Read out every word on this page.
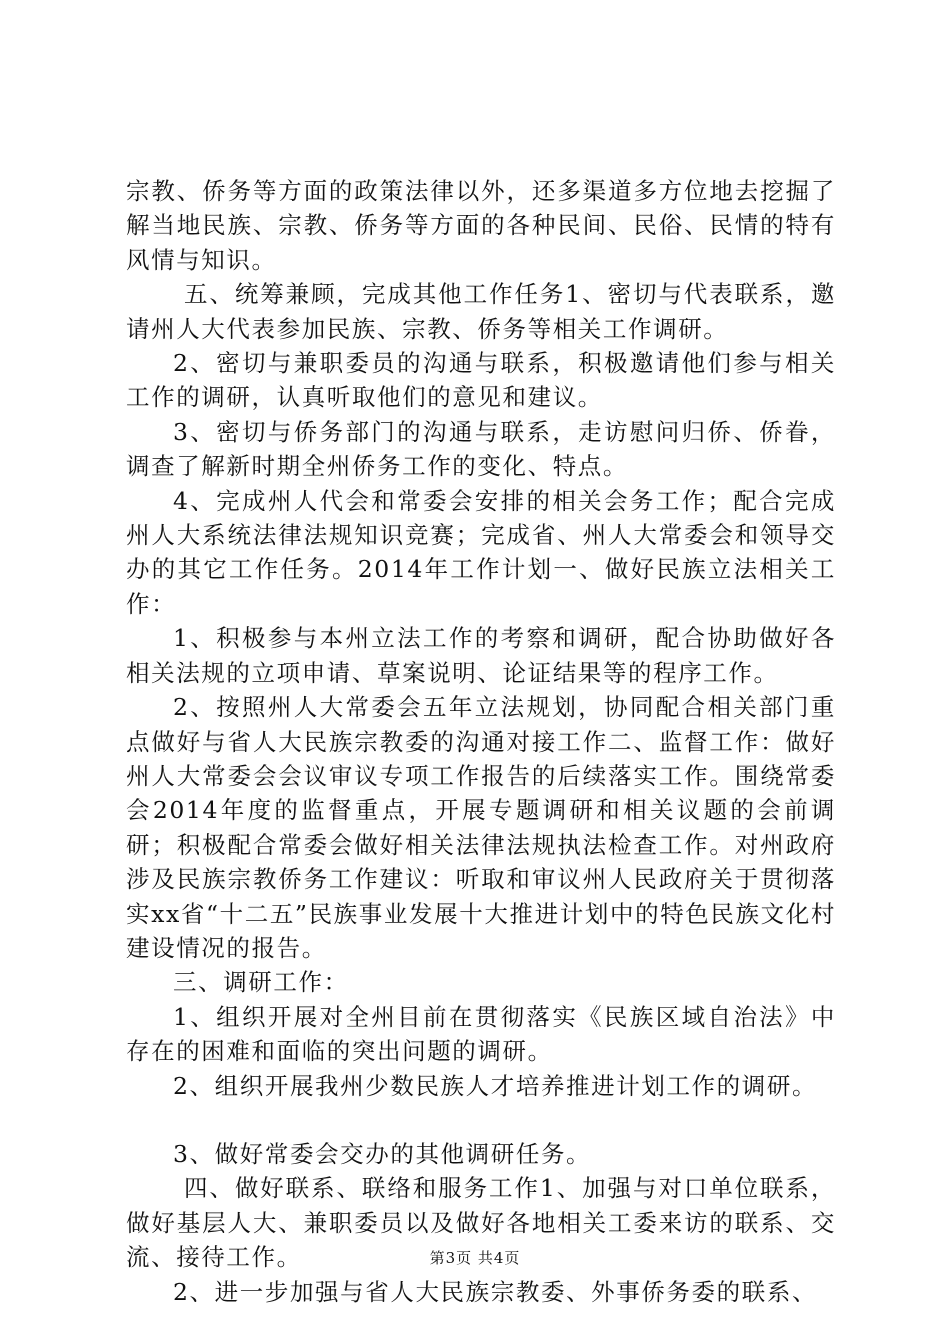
宗教、侨务等方面的政策法律以外，还多渠道多方位地去挖掘了解当地民族、宗教、侨务等方面的各种民间、民俗、民情的特有风情与知识。

五、统筹兼顾，完成其他工作任务1、密切与代表联系，邀请州人大代表参加民族、宗教、侨务等相关工作调研。

2、密切与兼职委员的沟通与联系，积极邀请他们参与相关工作的调研，认真听取他们的意见和建议。

3、密切与侨务部门的沟通与联系，走访慰问归侨、侨眷，调查了解新时期全州侨务工作的变化、特点。

4、完成州人代会和常委会安排的相关会务工作；配合完成州人大系统法律法规知识竞赛；完成省、州人大常委会和领导交办的其它工作任务。2014年工作计划一、做好民族立法相关工作：

1、积极参与本州立法工作的考察和调研，配合协助做好各相关法规的立项申请、草案说明、论证结果等的程序工作。

2、按照州人大常委会五年立法规划，协同配合相关部门重点做好与省人大民族宗教委的沟通对接工作二、监督工作：做好州人大常委会会议审议专项工作报告的后续落实工作。围绕常委会2014年度的监督重点，开展专题调研和相关议题的会前调研；积极配合常委会做好相关法律法规执法检查工作。对州政府涉及民族宗教侨务工作建议：听取和审议州人民政府关于贯彻落实xx省“十二五”民族事业发展十大推进计划中的特色民族文化村建设情况的报告。

三、调研工作：

1、组织开展对全州目前在贯彻落实《民族区域自治法》中存在的困难和面临的突出问题的调研。

2、组织开展我州少数民族人才培养推进计划工作的调研。

3、做好常委会交办的其他调研任务。

四、做好联系、联络和服务工作1、加强与对口单位联系，做好基层人大、兼职委员以及做好各地相关工委来访的联系、交流、接待工作。

2、进一步加强与省人大民族宗教委、外事侨务委的联系、

第3页 共4页
